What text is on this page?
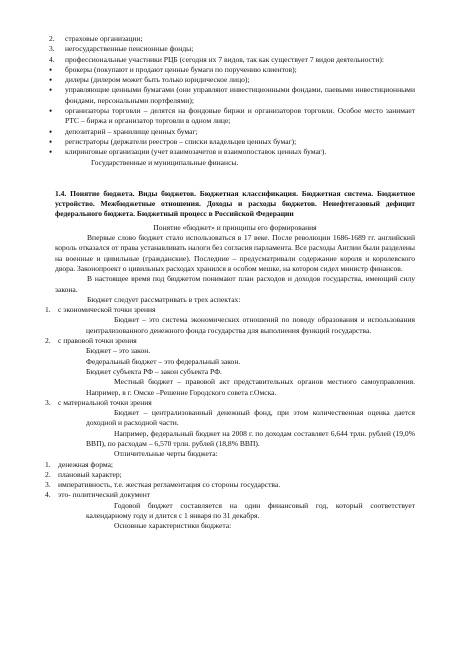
2.	страховые организации;
3.	негосударственные пенсионные фонды;
4.	профессиональные участники РЦБ (сегодня их 7 видов, так как существует 7 видов деятельности):
•	брокеры (покупают и продают ценные бумаги по поручению клиентов);
•	дилеры (дилером может быть только юридическое лицо);
•	управляющие ценными бумагами (они управляют инвестиционными фондами, паевыми инвестиционными фондами, персональными портфелями);
•	организаторы торговли – делятся на фондовые биржи и организаторов торговли. Особое место занимает РТС – биржа и организатор торговли в одном лице;
•	депозитарий – хранилище ценных бумаг;
•	регистраторы (держатели реестров – списки владельцев ценных бумаг);
•	клиринговые организации (учет взаимозачетов и взаимопоставок ценных бумаг).
Государственные и муниципальные финансы.
1.4. Понятие бюджета. Виды бюджетов. Бюджетная классификация. Бюджетная система. Бюджетное устройство. Межбюджетные отношения. Доходы и расходы бюджетов. Ненефтегазовый дефицит федерального бюджета. Бюджетный процесс в Российской Федерации
Понятие «бюджет» и принципы его формирования
Впервые слово бюджет стало использоваться в 17 веке. После революции 1686-1689 гг. английский король отказался от права устанавливать налоги без согласия парламента. Все расходы Англии были разделены на военные и цивильные (гражданские). Последние – предусматривали содержание короля и королевского двора. Законопроект о цивильных расходах хранился в особом мешке, на котором сидел министр финансов.
В настоящее время под бюджетом понимают план расходов и доходов государства, имеющий силу закона.
Бюджет следует рассматривать в трех аспектах:
1. с экономической точки зрения
Бюджет – это система экономических отношений по поводу образования и использования централизованного денежного фонда государства для выполнения функций государства.
2. с правовой точки зрения
Бюджет – это закон.
Федеральный бюджет – это федеральный закон.
Бюджет субъекта РФ – закон субъекта РФ.
Местный бюджет – правовой акт представительных органов местного самоуправления. Например, в г. Омске –Решение Городского совета г.Омска.
3. с материальной точки зрения
Бюджет – централизованный денежный фонд, при этом количественная оценка дается доходной и расходной части.
Например, федеральный бюджет на 2008 г. по доходам составляет 6,644 трлн. рублей (19,0% ВВП), по расходам – 6,570 трлн. рублей (18,8% ВВП).
Отличительные черты бюджета:
1. денежная форма;
2. плановый характер;
3. императивность, т.е. жесткая регламентация со стороны государства.
4. это- политический документ
Годовой бюджет составляется на один финансовый год, который соответствует календарному году и длится с 1 января по 31 декабря.
Основные характеристики бюджета:
